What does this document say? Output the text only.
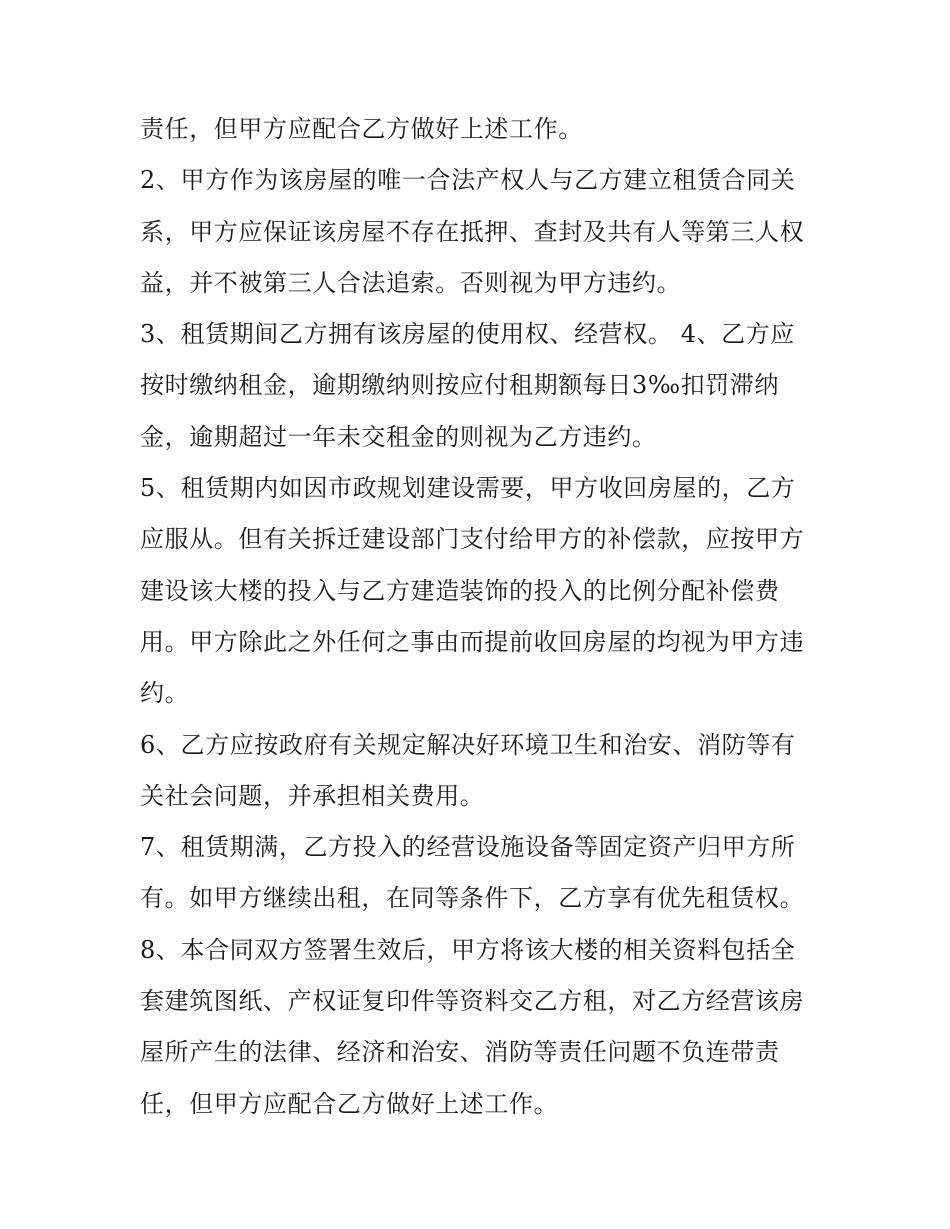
责任，但甲方应配合乙方做好上述工作。
2、甲方作为该房屋的唯一合法产权人与乙方建立租赁合同关
系，甲方应保证该房屋不存在抵押、查封及共有人等第三人权
益，并不被第三人合法追索。否则视为甲方违约。
3、租赁期间乙方拥有该房屋的使用权、经营权。 4、乙方应
按时缴纳租金，逾期缴纳则按应付租期额每日3‰扣罚滞纳
金，逾期超过一年未交租金的则视为乙方违约。
5、租赁期内如因市政规划建设需要，甲方收回房屋的，乙方
应服从。但有关拆迁建设部门支付给甲方的补偿款，应按甲方
建设该大楼的投入与乙方建造装饰的投入的比例分配补偿费
用。甲方除此之外任何之事由而提前收回房屋的均视为甲方违
约。
6、乙方应按政府有关规定解决好环境卫生和治安、消防等有
关社会问题，并承担相关费用。
7、租赁期满，乙方投入的经营设施设备等固定资产归甲方所
有。如甲方继续出租，在同等条件下，乙方享有优先租赁权。
8、本合同双方签署生效后，甲方将该大楼的相关资料包括全
套建筑图纸、产权证复印件等资料交乙方租，对乙方经营该房
屋所产生的法律、经济和治安、消防等责任问题不负连带责
任，但甲方应配合乙方做好上述工作。
